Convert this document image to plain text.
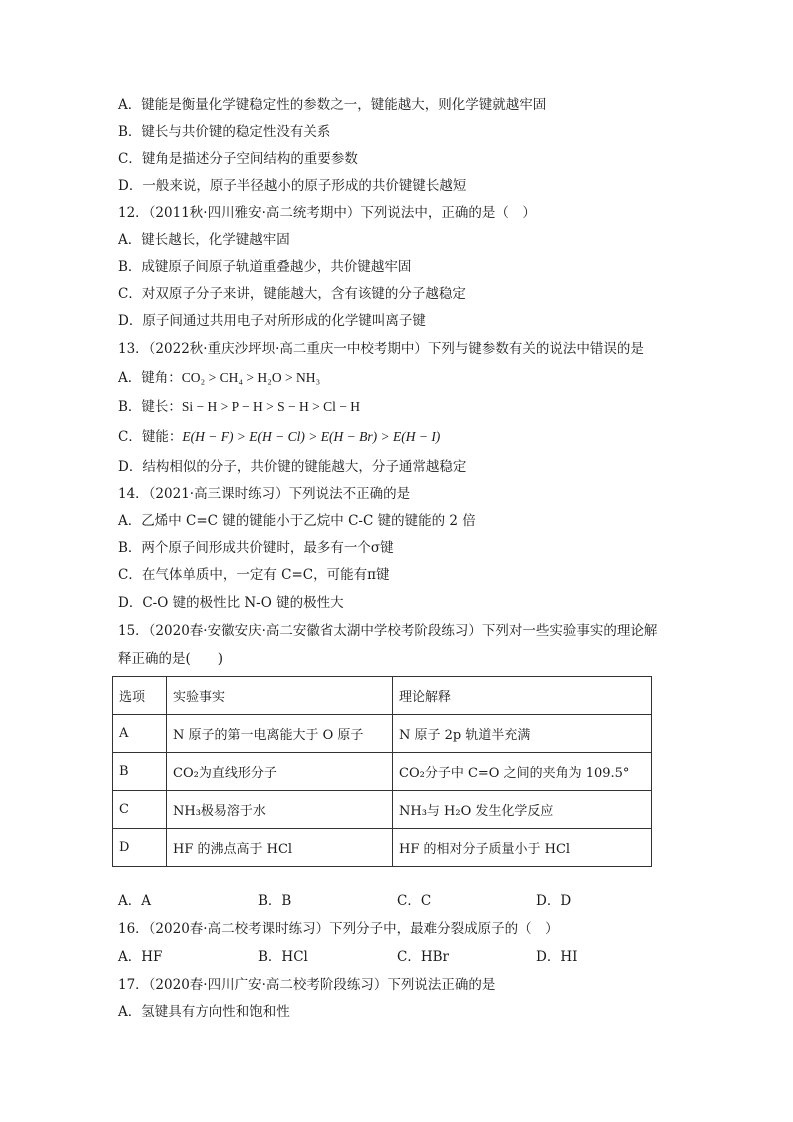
A．键能是衡量化学键稳定性的参数之一，键能越大，则化学键就越牢固
B．键长与共价键的稳定性没有关系
C．键角是描述分子空间结构的重要参数
D．一般来说，原子半径越小的原子形成的共价键键长越短
12．（2011秋·四川雅安·高二统考期中）下列说法中，正确的是（　）
A．键长越长，化学键越牢固
B．成键原子间原子轨道重叠越少，共价键越牢固
C．对双原子分子来讲，键能越大，含有该键的分子越稳定
D．原子间通过共用电子对所形成的化学键叫离子键
13．（2022秋·重庆沙坪坝·高二重庆一中校考期中）下列与键参数有关的说法中错误的是
A．键角：CO₂ > CH₄ > H₂O > NH₃
B．键长：Si − H > P − H > S − H > Cl − H
C．键能：E(H − F) > E(H − Cl) > E(H − Br) > E(H − I)
D．结构相似的分子，共价键的键能越大，分子通常越稳定
14．（2021·高三课时练习）下列说法不正确的是
A．乙烯中 C=C 键的键能小于乙烷中 C-C 键的键能的 2 倍
B．两个原子间形成共价键时，最多有一个σ键
C．在气体单质中，一定有 C=C，可能有π键
D．C-O 键的极性比 N-O 键的极性大
15．（2020春·安徽安庆·高二安徽省太湖中学校考阶段练习）下列对一些实验事实的理论解
释正确的是(　　)
选项	实验事实	理论解释
A	N 原子的第一电离能大于 O 原子	N 原子 2p 轨道半充满
B	CO₂为直线形分子	CO₂分子中 C=O 之间的夹角为 109.5°
C	NH₃极易溶于水	NH₃与 H₂O 发生化学反应
D	HF 的沸点高于 HCl	HF 的相对分子质量小于 HCl
A．A	B．B	C．C	D．D
16．（2020春·高二校考课时练习）下列分子中，最难分裂成原子的（　）
A．HF	B．HCl	C．HBr	D．HI
17．（2020春·四川广安·高二校考阶段练习）下列说法正确的是
A．氢键具有方向性和饱和性
